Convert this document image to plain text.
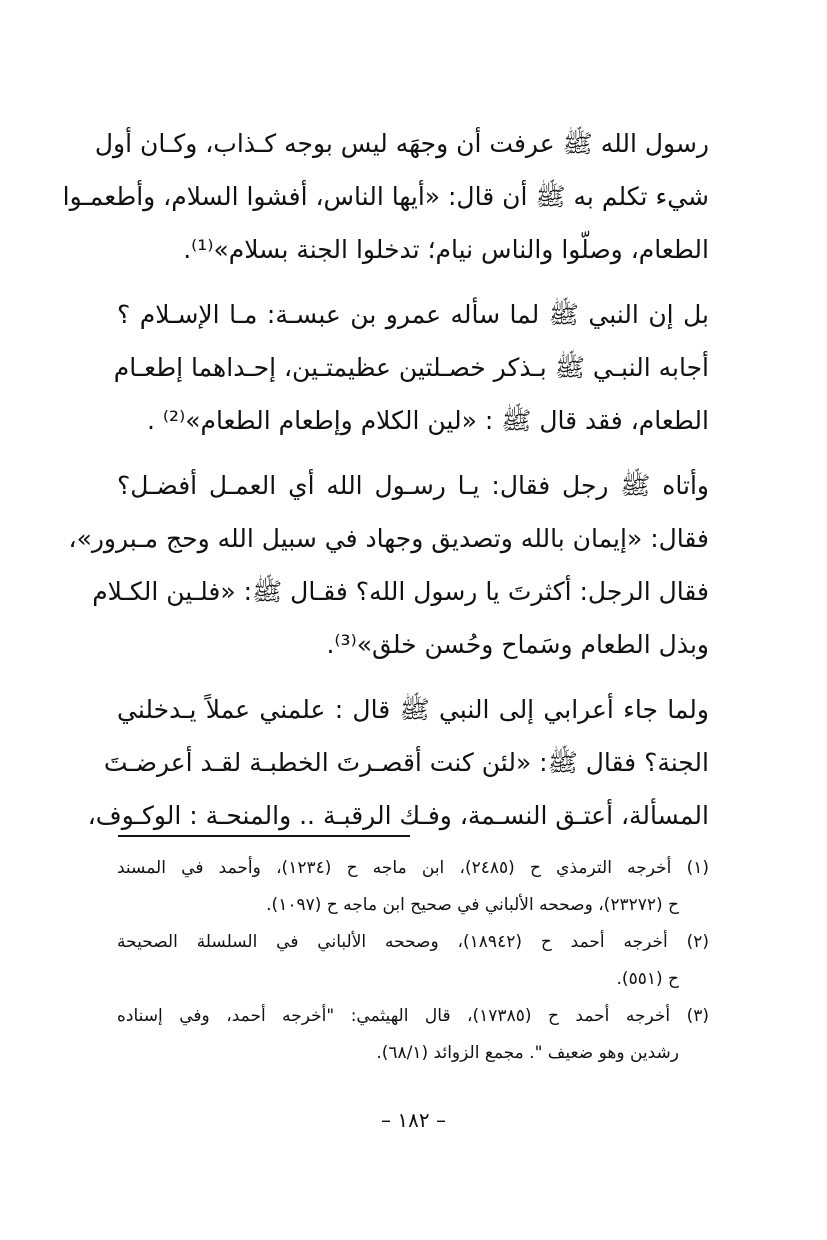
رسول الله ﷺ عرفت أن وجهَه ليس بوجه كـذاب، وكـان أول
شيء تكلم به ﷺ أن قال: «أيها الناس، أفشوا السلام، وأطعمـوا
الطعام، وصلّوا والناس نيام؛ تدخلوا الجنة بسلام»⁽¹⁾.
بل إن النبي ﷺ لما سأله عمرو بن عبسـة: مـا الإسـلام ؟
أجابه النبـي ﷺ بـذكر خصـلتين عظيمتـين، إحـداهما إطعـام
الطعام، فقد قال ﷺ : «لين الكلام وإطعام الطعام»⁽²⁾ .
وأتاه ﷺ رجل فقال: يـا رسـول الله أي العمـل أفضـل؟
فقال: «إيمان بالله وتصديق وجهاد في سبيل الله وحج مـبرور»،
فقال الرجل: أكثرتَ يا رسول الله؟ فقـال ﷺ: «فلـين الكـلام
وبذل الطعام وسَماح وحُسن خلق»⁽³⁾.
ولما جاء أعرابي إلى النبي ﷺ قال : علمني عملاً يـدخلني
الجنة؟ فقال ﷺ: «لئن كنت أقصـرتَ الخطبـة لقـد أعرضـتَ
المسألة، أعتـق النسـمة، وفـك الرقبـة .. والمنحـة : الوكـوف،
(١) أخرجه الترمذي ح (٢٤٨٥)، ابن ماجه ح (١٢٣٤)، وأحمد في المسند
ح (٢٣٢٧٢)، وصححه الألباني في صحيح ابن ماجه ح (١٠٩٧).
(٢) أخرجه أحمد ح (١٨٩٤٢)، وصححه الألباني في السلسلة الصحيحة
ح (٥٥١).
(٣) أخرجه أحمد ح (١٧٣٨٥)، قال الهيثمي: "أخرجه أحمد، وفي إسناده
رشدين وهو ضعيف ". مجمع الزوائد (٦٨/١).
– ١٨٢ –
